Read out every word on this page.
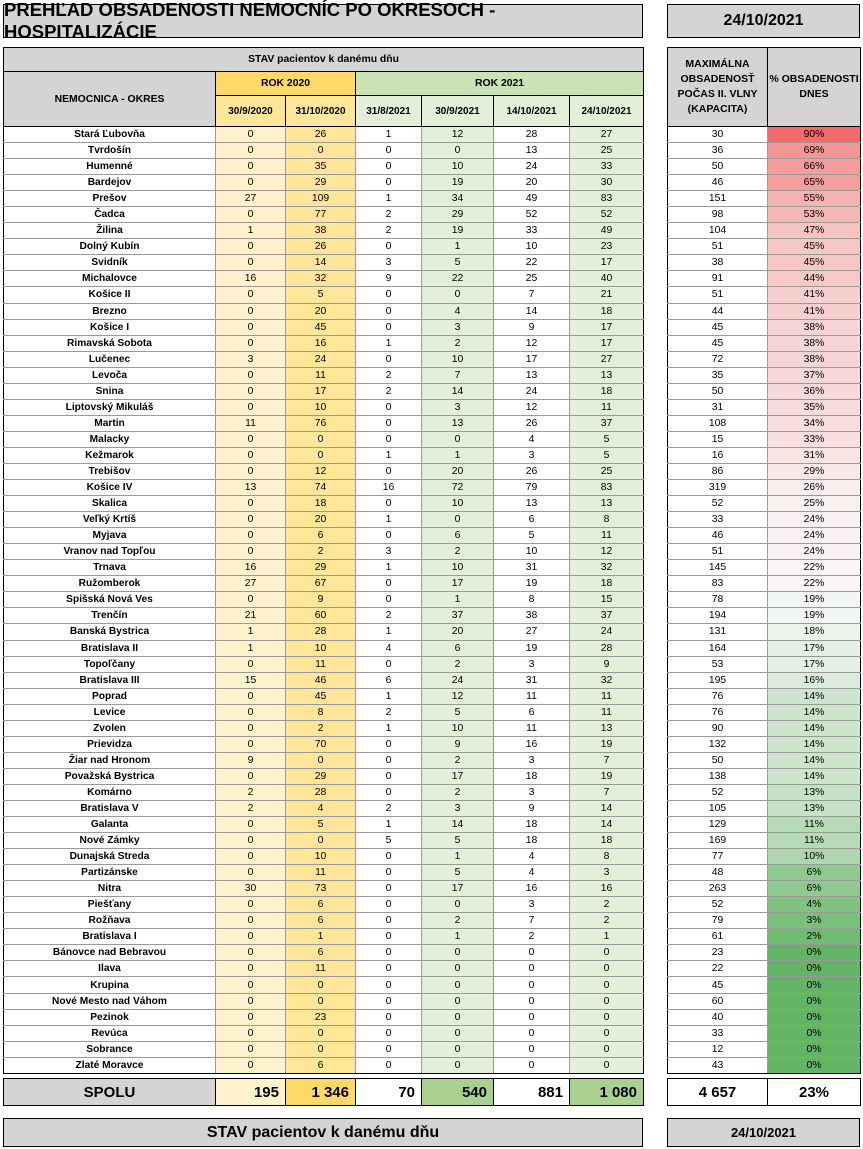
PREHĽAD OBSADENOSTI NEMOCNÍC PO OKRESOCH - HOSPITALIZÁCIE
24/10/2021
STAV pacientov k danému dňu						
NEMOCNICA - OKRES	ROK 2020		ROK 2021			
	30/9/2020	31/10/2020	31/8/2021	30/9/2021	14/10/2021	24/10/2021
Stará Ľubovňa	0	26	1	12	28	27
Tvrdošín	0	0	0	0	13	25
Humenné	0	35	0	10	24	33
Bardejov	0	29	0	19	20	30
Prešov	27	109	1	34	49	83
Čadca	0	77	2	29	52	52
Žilina	1	38	2	19	33	49
Dolný Kubín	0	26	0	1	10	23
Svidník	0	14	3	5	22	17
Michalovce	16	32	9	22	25	40
Košice II	0	5	0	0	7	21
Brezno	0	20	0	4	14	18
Košice I	0	45	0	3	9	17
Rimavská Sobota	0	16	1	2	12	17
Lučenec	3	24	0	10	17	27
Levoča	0	11	2	7	13	13
Snina	0	17	2	14	24	18
Liptovský Mikuláš	0	10	0	3	12	11
Martin	11	76	0	13	26	37
Malacky	0	0	0	0	4	5
Kežmarok	0	0	1	1	3	5
Trebišov	0	12	0	20	26	25
Košice IV	13	74	16	72	79	83
Skalica	0	18	0	10	13	13
Veľký Krtíš	0	20	1	0	6	8
Myjava	0	6	0	6	5	11
Vranov nad Topľou	0	2	3	2	10	12
Trnava	16	29	1	10	31	32
Ružomberok	27	67	0	17	19	18
Spišská Nová Ves	0	9	0	1	8	15
Trenčín	21	60	2	37	38	37
Banská Bystrica	1	28	1	20	27	24
Bratislava II	1	10	4	6	19	28
Topoľčany	0	11	0	2	3	9
Bratislava III	15	46	6	24	31	32
Poprad	0	45	1	12	11	11
Levice	0	8	2	5	6	11
Zvolen	0	2	1	10	11	13
Prievidza	0	70	0	9	16	19
Žiar nad Hronom	9	0	0	2	3	7
Považská Bystrica	0	29	0	17	18	19
Komárno	2	28	0	2	3	7
Bratislava V	2	4	2	3	9	14
Galanta	0	5	1	14	18	14
Nové Zámky	0	0	5	5	18	18
Dunajská Streda	0	10	0	1	4	8
Partizánske	0	11	0	5	4	3
Nitra	30	73	0	17	16	16
Piešťany	0	6	0	0	3	2
Rožňava	0	6	0	2	7	2
Bratislava I	0	1	0	1	2	1
Bánovce nad Bebravou	0	6	0	0	0	0
Ilava	0	11	0	0	0	0
Krupina	0	0	0	0	0	0
Nové Mesto nad Váhom	0	0	0	0	0	0
Pezinok	0	23	0	0	0	0
Revúca	0	0	0	0	0	0
Sobrance	0	0	0	0	0	0
Zlaté Moravce	0	6	0	0	0	0
MAXIMÁLNA OBSADENOSŤ POČAS II. VLNY (KAPACITA)	% OBSADENOSTI DNES
30	90%
36	69%
50	66%
46	65%
151	55%
98	53%
104	47%
51	45%
38	45%
91	44%
51	41%
44	41%
45	38%
45	38%
72	38%
35	37%
50	36%
31	35%
108	34%
15	33%
16	31%
86	29%
319	26%
52	25%
33	24%
46	24%
51	24%
145	22%
83	22%
78	19%
194	19%
131	18%
164	17%
53	17%
195	16%
76	14%
76	14%
90	14%
132	14%
50	14%
138	14%
52	13%
105	13%
129	11%
169	11%
77	10%
48	6%
263	6%
52	4%
79	3%
61	2%
23	0%
22	0%
45	0%
60	0%
40	0%
33	0%
12	0%
43	0%
SPOLU	195	1 346	70	540	881	1 080	4 657	23%
STAV pacientov k danému dňu	24/10/2021
